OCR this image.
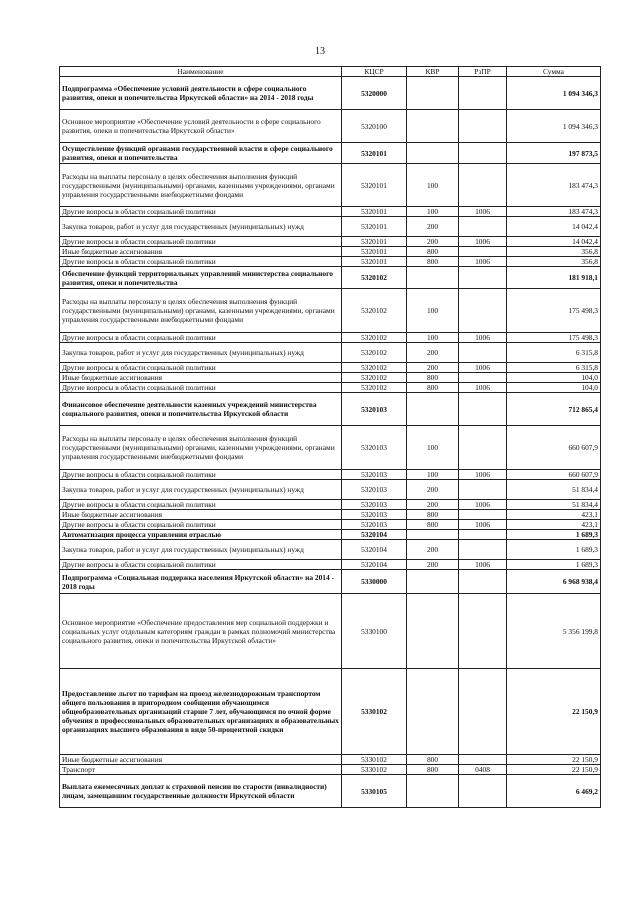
13
Наименование	КЦСР	КВР	РзПР	Сумма
Подпрограмма «Обеспечение условий деятельности в сфере социального развития, опеки и попечительства Иркутской области» на 2014 - 2018 годы	5320000			1 094 346,3
Основное мероприятие «Обеспечение условий деятельности в сфере социального развития, опеки и попечительства Иркутской области»	5320100			1 094 346,3
Осуществление функций органами государственной власти в сфере социального развития, опеки и попечительства	5320101			197 873,5
Расходы на выплаты персоналу в целях обеспечения выполнения функций государственными (муниципальными) органами, казенными учреждениями, органами управления государственными внебюджетными фондами	5320101	100		183 474,3
Другие вопросы в области социальной политики	5320101	100	1006	183 474,3
Закупка товаров, работ и услуг для государственных (муниципальных) нужд	5320101	200		14 042,4
Другие вопросы в области социальной политики	5320101	200	1006	14 042,4
Иные бюджетные ассигнования	5320101	800		356,8
Другие вопросы в области социальной политики	5320101	800	1006	356,8
Обеспечение функций территориальных управлений министерства социального развития, опеки и попечительства	5320102			181 918,1
Расходы на выплаты персоналу в целях обеспечения выполнения функций государственными (муниципальными) органами, казенными учреждениями, органами управления государственными внебюджетными фондами	5320102	100		175 498,3
Другие вопросы в области социальной политики	5320102	100	1006	175 498,3
Закупка товаров, работ и услуг для государственных (муниципальных) нужд	5320102	200		6 315,8
Другие вопросы в области социальной политики	5320102	200	1006	6 315,8
Иные бюджетные ассигнования	5320102	800		104,0
Другие вопросы в области социальной политики	5320102	800	1006	104,0
Финансовое обеспечение деятельности казенных учреждений министерства социального развития, опеки и попечительства Иркутской области	5320103			712 865,4
Расходы на выплаты персоналу в целях обеспечения выполнения функций государственными (муниципальными) органами, казенными учреждениями, органами управления государственными внебюджетными фондами	5320103	100		660 607,9
Другие вопросы в области социальной политики	5320103	100	1006	660 607,9
Закупка товаров, работ и услуг для государственных (муниципальных) нужд	5320103	200		51 834,4
Другие вопросы в области социальной политики	5320103	200	1006	51 834,4
Иные бюджетные ассигнования	5320103	800		423,1
Другие вопросы в области социальной политики	5320103	800	1006	423,1
Автоматизация процесса управления отраслью	5320104			1 689,3
Закупка товаров, работ и услуг для государственных (муниципальных) нужд	5320104	200		1 689,3
Другие вопросы в области социальной политики	5320104	200	1006	1 689,3
Подпрограмма «Социальная поддержка населения Иркутской области» на 2014 - 2018 годы	5330000			6 968 938,4
Основное мероприятие «Обеспечение предоставления мер социальной поддержки и социальных услуг отдельным категориям граждан в рамках полномочий министерства социального развития, опеки и попечительства Иркутской области»	5330100			5 356 199,8
Предоставление льгот по тарифам на проезд железнодорожным транспортом общего пользования в пригородном сообщении обучающимся общеобразовательных организаций старше 7 лет, обучающимся по очной форме обучения в профессиональных образовательных организациях и образовательных организациях высшего образования в виде 50-процентной скидки	5330102			22 150,9
Иные бюджетные ассигнования	5330102	800		22 150,9
Транспорт	5330102	800	0408	22 150,9
Выплата ежемесячных доплат к страховой пенсии по старости (инвалидности) лицам, замещавшим государственные должности Иркутской области	5330105			6 469,2
